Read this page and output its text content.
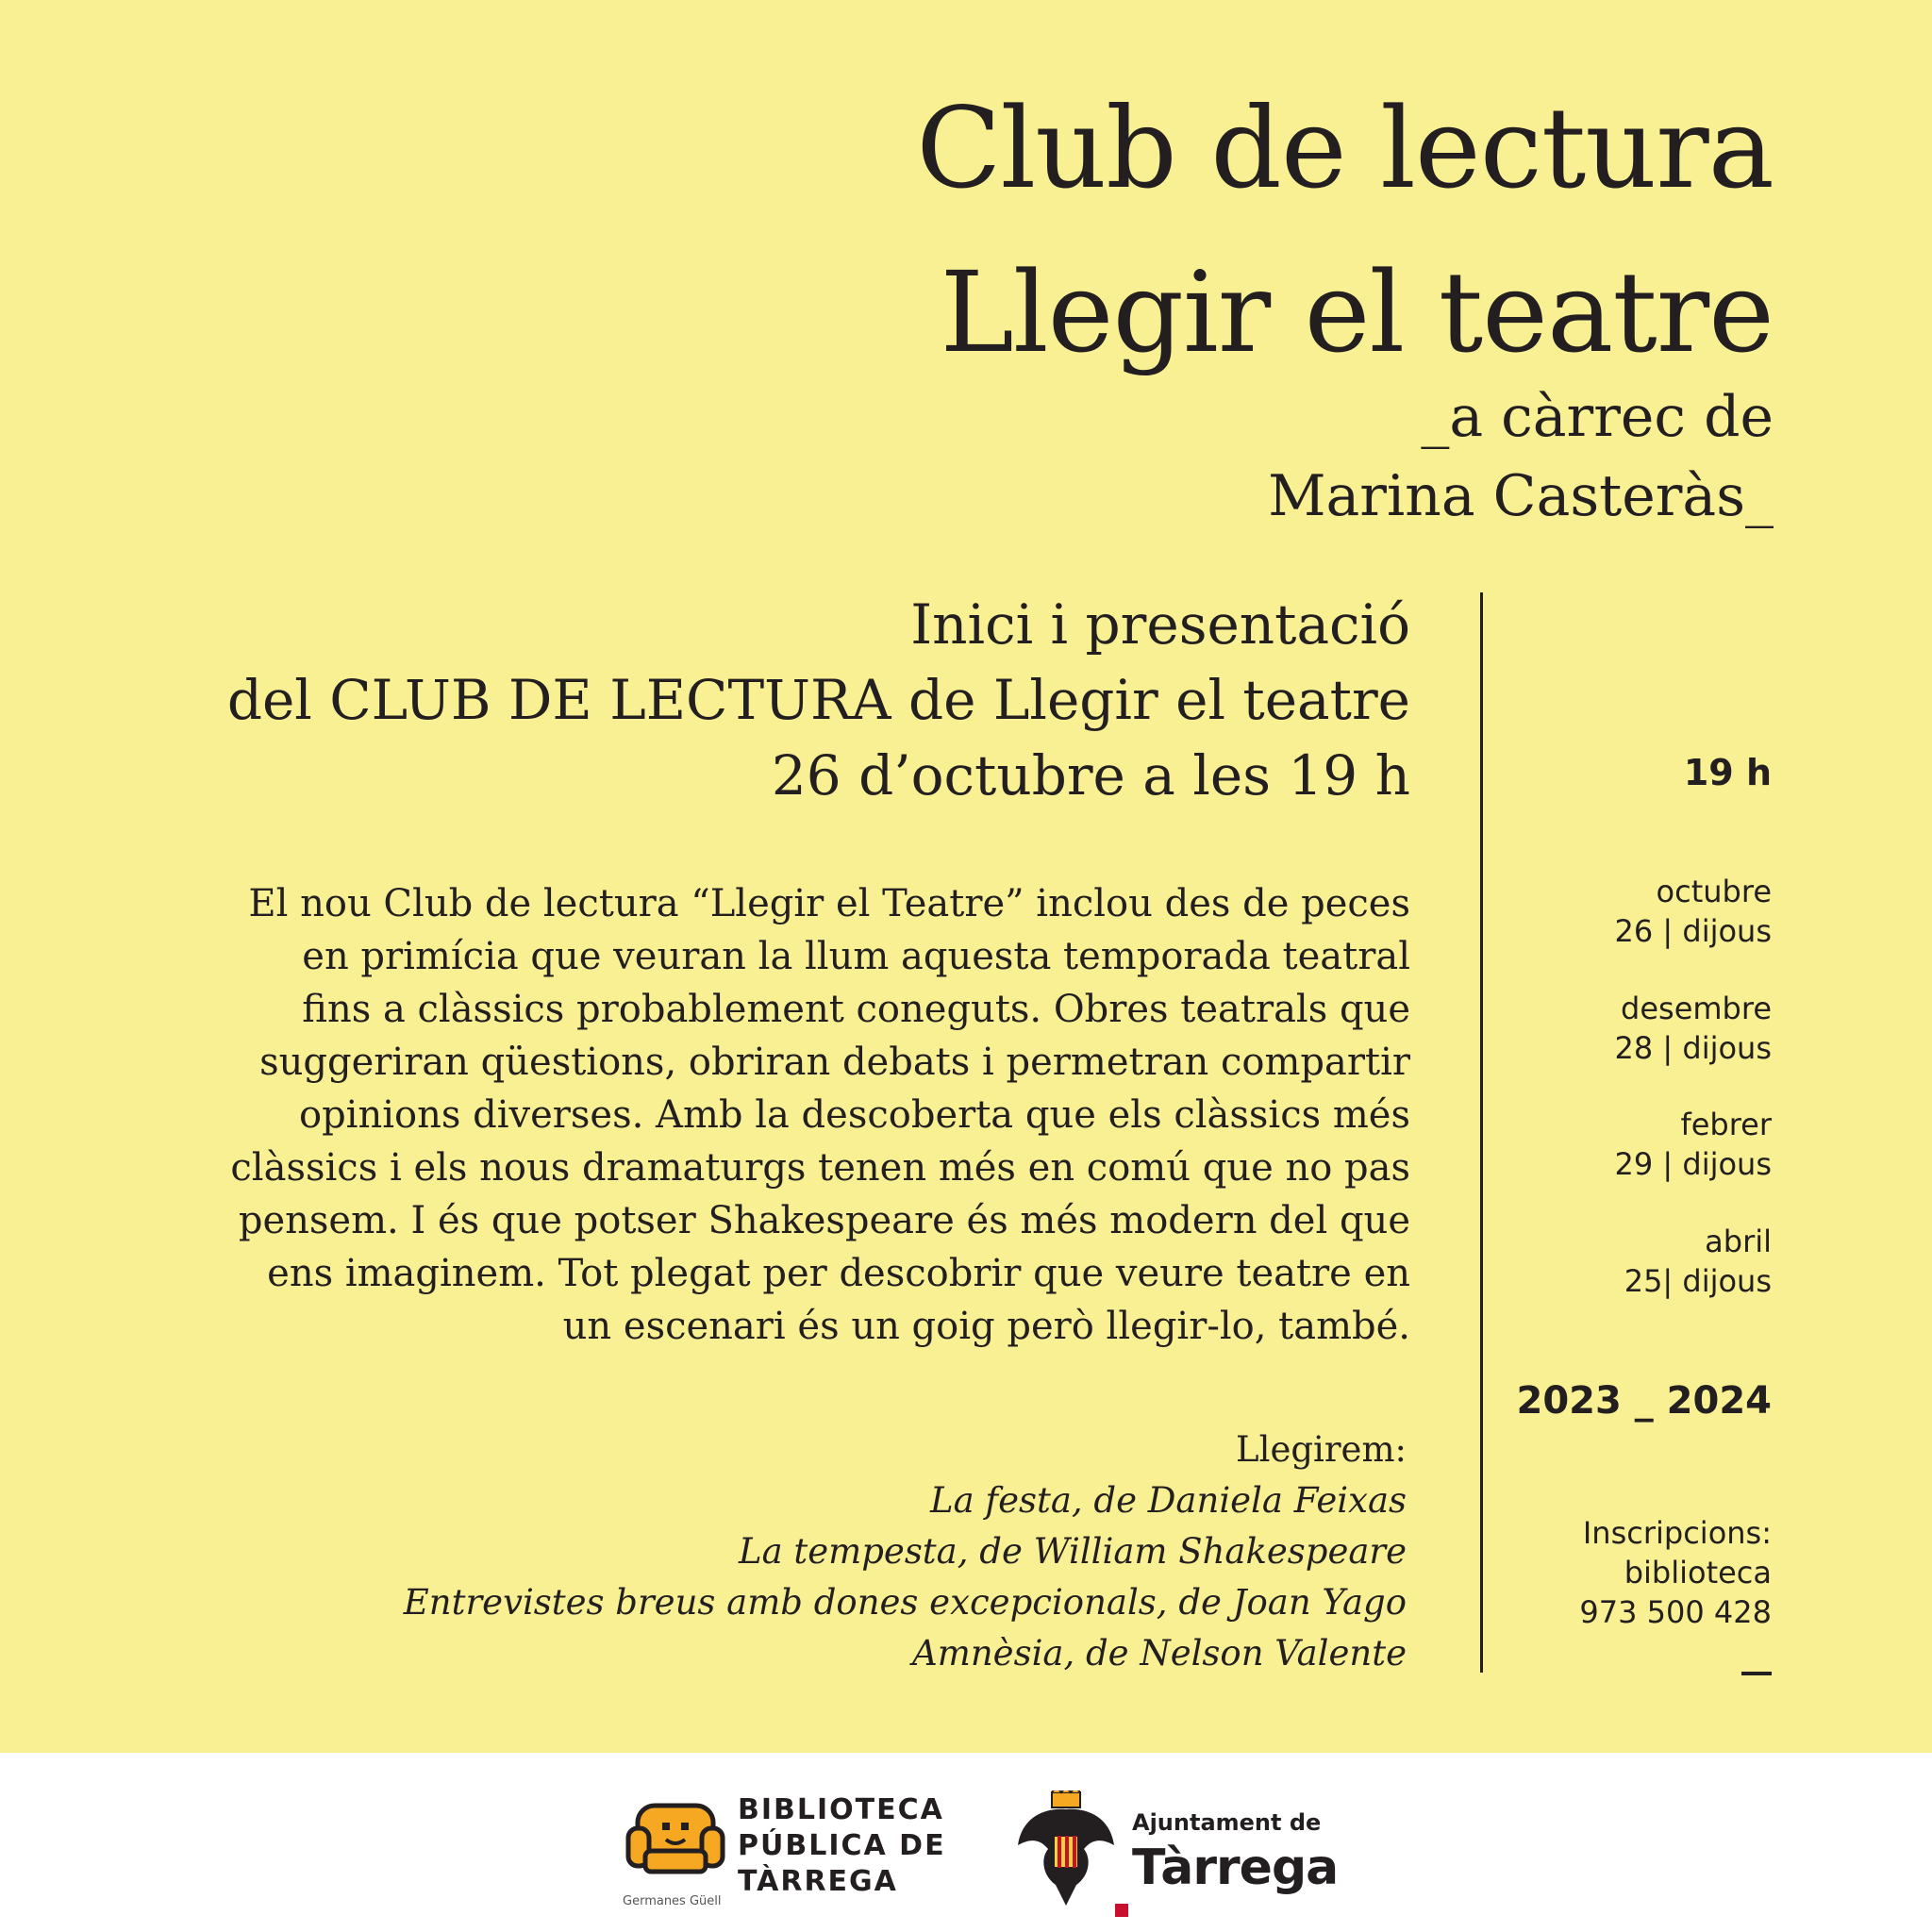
Club de lectura
Llegir el teatre

_a càrrec de
Marina Casteràs_

Inici i presentació
del CLUB DE LECTURA de Llegir el teatre
26 d’octubre a les 19 h

El nou Club de lectura “Llegir el Teatre” inclou des de peces
en primícia que veuran la llum aquesta temporada teatral
fins a clàssics probablement coneguts. Obres teatrals que
suggeriran qüestions, obriran debats i permetran compartir
opinions diverses. Amb la descoberta que els clàssics més
clàssics i els nous dramaturgs tenen més en comú que no pas
pensem. I és que potser Shakespeare és més modern del que
ens imaginem. Tot plegat per descobrir que veure teatre en
un escenari és un goig però llegir-lo, també.

Llegirem:
La festa, de Daniela Feixas
La tempesta, de William Shakespeare
Entrevistes breus amb dones excepcionals, de Joan Yago
Amnèsia, de Nelson Valente
19 h
octubre
26 | dijous
desembre
28 | dijous
febrer
29 | dijous
abril
25| dijous
2023 _ 2024
Inscripcions:
biblioteca
973 500 428
Germanes Güell
BIBLIOTECA
PÚBLICA DE
TÀRREGA
Ajuntament de
Tàrrega
